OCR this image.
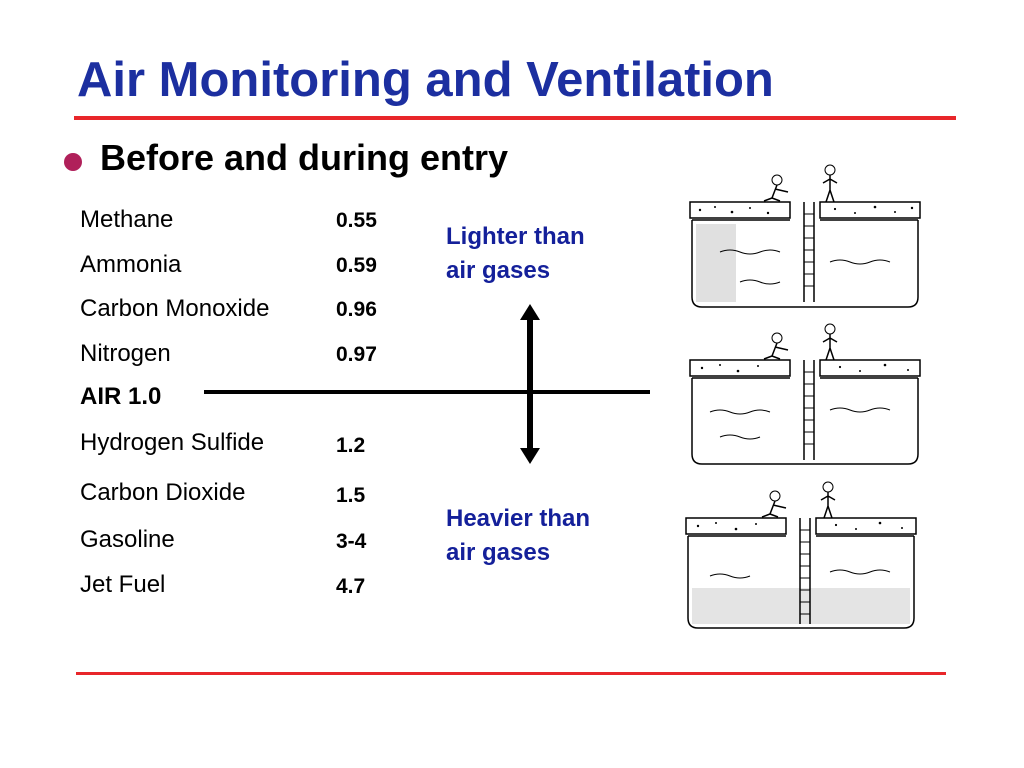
Air Monitoring and Ventilation
Before and during entry
Methane	0.55
Ammonia	0.59
Carbon Monoxide	0.96
Nitrogen	0.97
AIR 1.0
Hydrogen Sulfide	1.2
Carbon Dioxide	1.5
Gasoline	3-4
Jet Fuel	4.7
Lighter than
air gases
Heavier than
air gases
